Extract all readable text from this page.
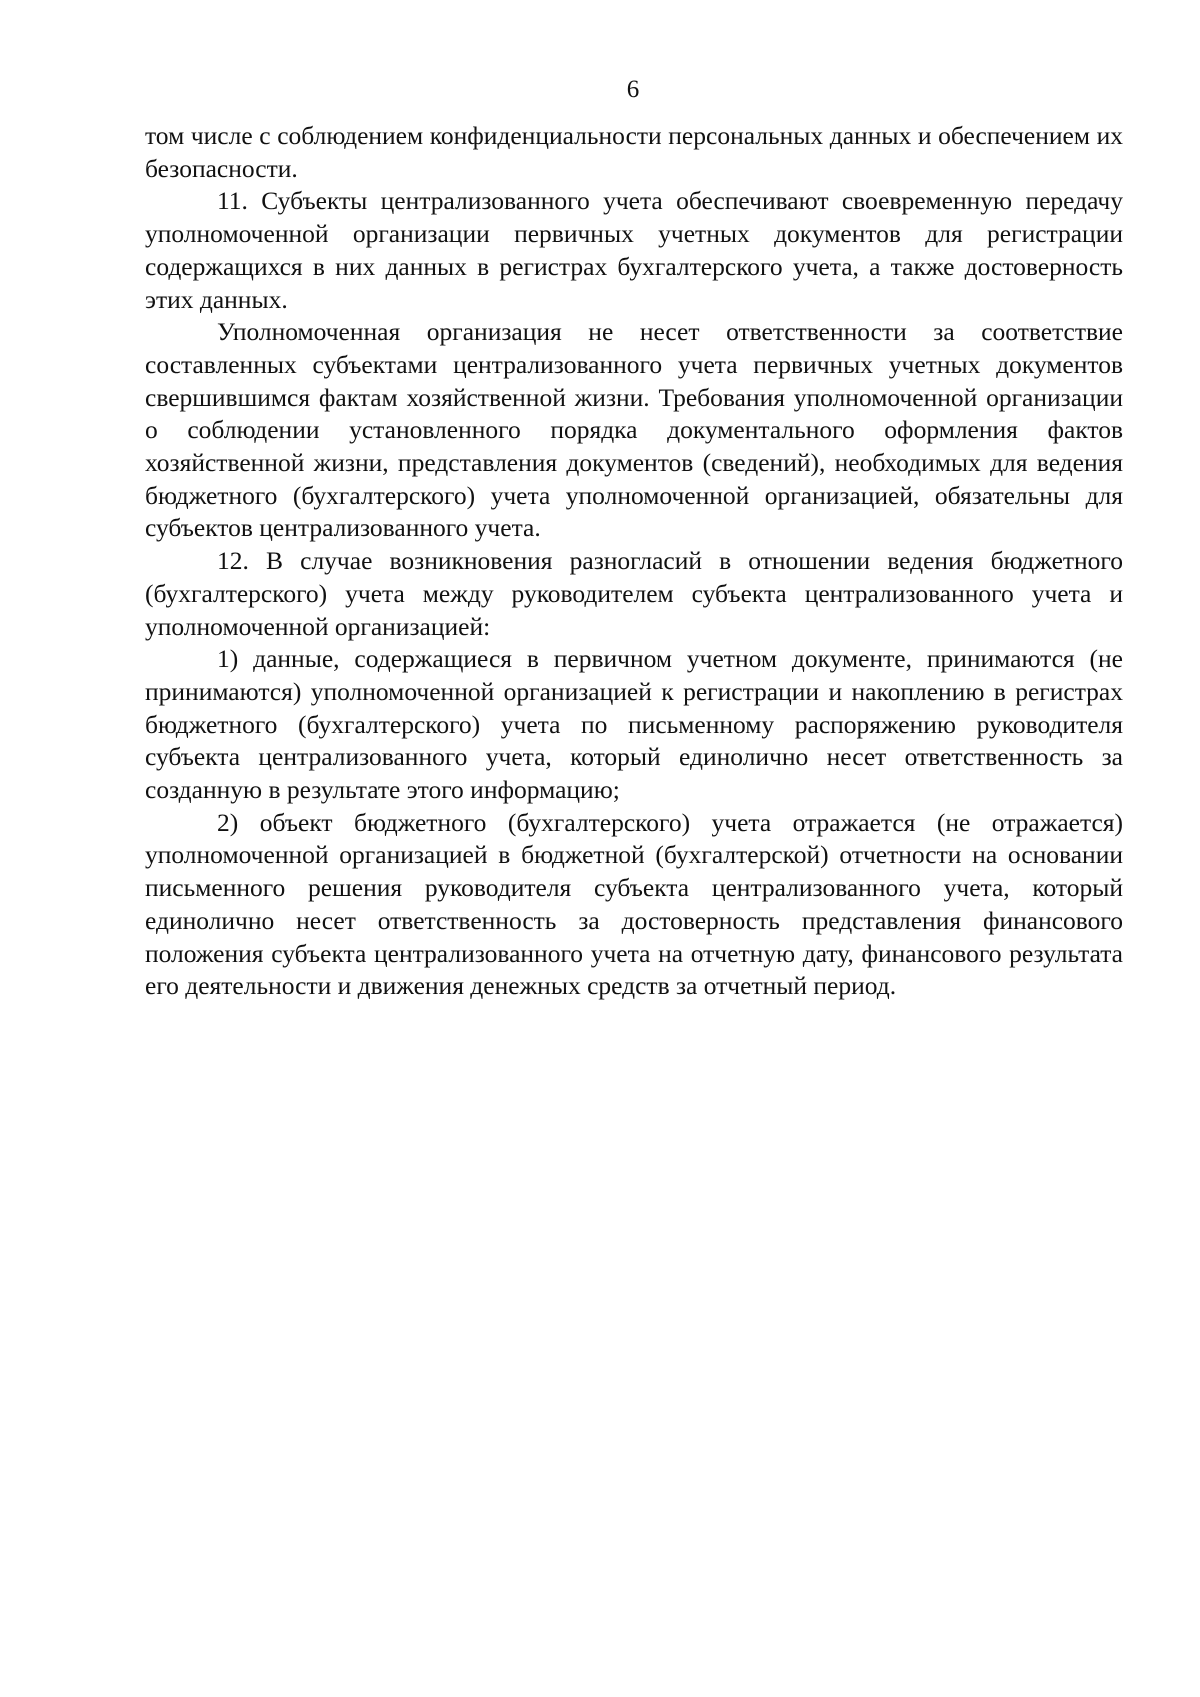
6

том числе с соблюдением конфиденциальности персональных данных и обеспечением их безопасности.

11. Субъекты централизованного учета обеспечивают своевременную передачу уполномоченной организации первичных учетных документов для регистрации содержащихся в них данных в регистрах бухгалтерского учета, а также достоверность этих данных.

Уполномоченная организация не несет ответственности за соответствие составленных субъектами централизованного учета первичных учетных документов свершившимся фактам хозяйственной жизни. Требования уполномоченной организации о соблюдении установленного порядка документального оформления фактов хозяйственной жизни, представления документов (сведений), необходимых для ведения бюджетного (бухгалтерского) учета уполномоченной организацией, обязательны для субъектов централизованного учета.

12. В случае возникновения разногласий в отношении ведения бюджетного (бухгалтерского) учета между руководителем субъекта централизованного учета и уполномоченной организацией:

1) данные, содержащиеся в первичном учетном документе, принимаются (не принимаются) уполномоченной организацией к регистрации и накоплению в регистрах бюджетного (бухгалтерского) учета по письменному распоряжению руководителя субъекта централизованного учета, который единолично несет ответственность за созданную в результате этого информацию;

2) объект бюджетного (бухгалтерского) учета отражается (не отражается) уполномоченной организацией в бюджетной (бухгалтерской) отчетности на основании письменного решения руководителя субъекта централизованного учета, который единолично несет ответственность за достоверность представления финансового положения субъекта централизованного учета на отчетную дату, финансового результата его деятельности и движения денежных средств за отчетный период.
